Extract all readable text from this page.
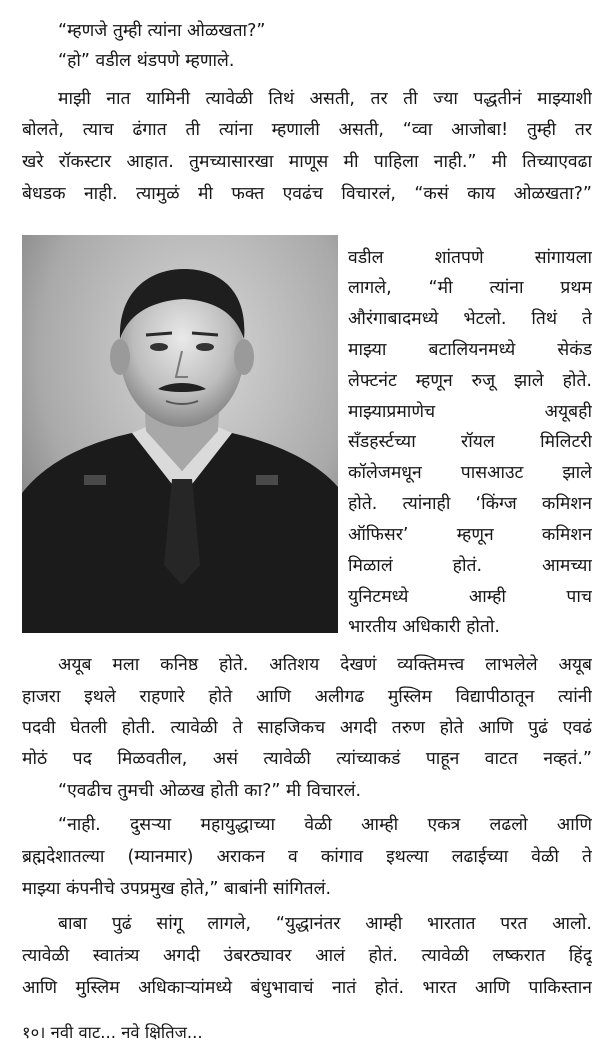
“म्हणजे तुम्ही त्यांना ओळखता?”
“हो” वडील थंडपणे म्हणाले.
माझी नात यामिनी त्यावेळी तिथं असती, तर ती ज्या पद्धतीनं माझ्याशी
बोलते, त्याच ढंगात ती त्यांना म्हणाली असती, “व्वा आजोबा! तुम्ही तर
खरे रॉकस्टार आहात. तुमच्यासारखा माणूस मी पाहिला नाही.” मी तिच्याएवढा
बेधडक नाही. त्यामुळं मी फक्त एवढंच विचारलं, “कसं काय ओळखता?”
वडील शांतपणे सांगायला
लागले, “मी त्यांना प्रथम
औरंगाबादमध्ये भेटलो. तिथं ते
माझ्या बटालियनमध्ये सेकंड
लेफ्टनंट म्हणून रुजू झाले होते.
माझ्याप्रमाणेच अयूबही
सँडहर्स्टच्या रॉयल मिलिटरी
कॉलेजमधून पासआउट झाले
होते. त्यांनाही ‘किंग्ज कमिशन
ऑफिसर’ म्हणून कमिशन
मिळालं होतं. आमच्या
युनिटमध्ये आम्ही पाच
भारतीय अधिकारी होतो.
अयूब मला कनिष्ठ होते. अतिशय देखणं व्यक्तिमत्त्व लाभलेले अयूब
हाजरा इथले राहणारे होते आणि अलीगढ मुस्लिम विद्यापीठातून त्यांनी
पदवी घेतली होती. त्यावेळी ते साहजिकच अगदी तरुण होते आणि पुढं एवढं
मोठं पद मिळवतील, असं त्यावेळी त्यांच्याकडं पाहून वाटत नव्हतं.”
“एवढीच तुमची ओळख होती का?” मी विचारलं.
“नाही. दुसऱ्या महायुद्धाच्या वेळी आम्ही एकत्र लढलो आणि
ब्रह्मदेशातल्या (म्यानमार) अराकन व कांगाव इथल्या लढाईच्या वेळी ते
माझ्या कंपनीचे उपप्रमुख होते,” बाबांनी सांगितलं.
बाबा पुढं सांगू लागले, “युद्धानंतर आम्ही भारतात परत आलो.
त्यावेळी स्वातंत्र्य अगदी उंबरठ्यावर आलं होतं. त्यावेळी लष्करात हिंदू
आणि मुस्लिम अधिकाऱ्यांमध्ये बंधुभावाचं नातं होतं. भारत आणि पाकिस्तान
१०। नवी वाट... नवे क्षितिज...
